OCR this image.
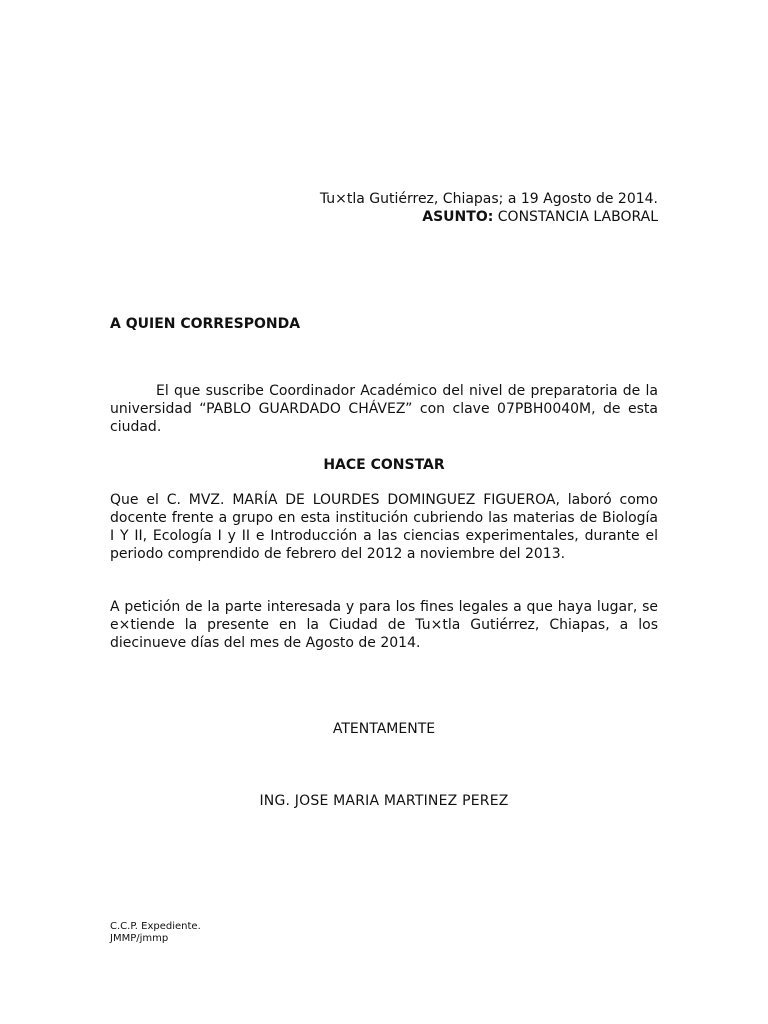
Tu×tla Gutiérrez, Chiapas; a 19 Agosto de 2014.
ASUNTO: CONSTANCIA LABORAL
A QUIEN CORRESPONDA

El que suscribe Coordinador Académico del nivel de preparatoria de la universidad “PABLO GUARDADO CHÁVEZ” con clave 07PBH0040M, de esta ciudad.

HACE CONSTAR

Que el C. MVZ. MARÍA DE LOURDES DOMINGUEZ FIGUEROA, laboró como docente frente a grupo en esta institución cubriendo las materias de Biología I Y II, Ecología I y II e Introducción a las ciencias experimentales, durante el periodo comprendido de febrero del 2012 a noviembre del 2013.

A petición de la parte interesada y para los fines legales a que haya lugar, se e×tiende la presente en la Ciudad de Tu×tla Gutiérrez, Chiapas, a los diecinueve días del mes de Agosto de 2014.

ATENTAMENTE
ING. JOSE MARIA MARTINEZ PEREZ
C.C.P. Expediente.
JMMP/jmmp
